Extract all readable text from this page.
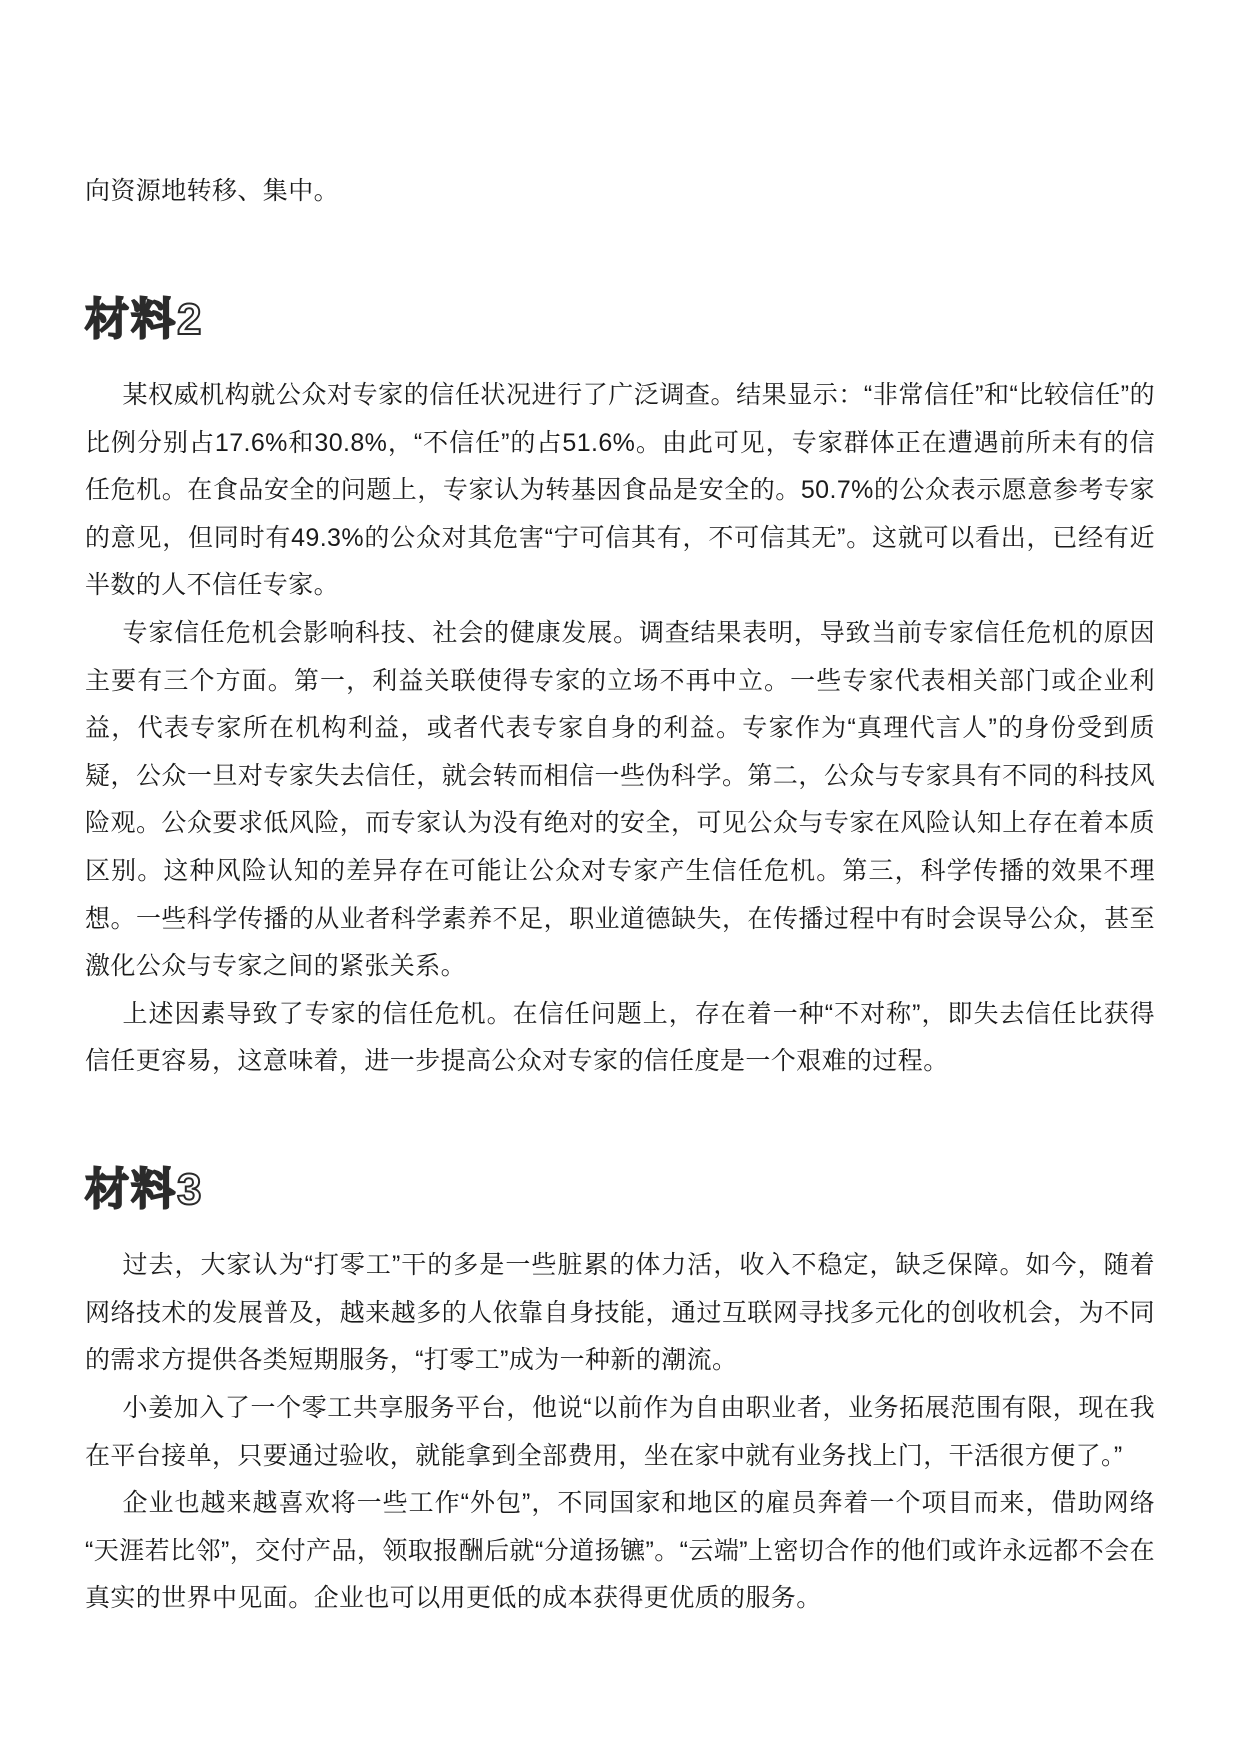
向资源地转移、集中。

材料2

某权威机构就公众对专家的信任状况进行了广泛调查。结果显示：“非常信任”和“比较信任”的比例分别占17.6%和30.8%，“不信任”的占51.6%。由此可见，专家群体正在遭遇前所未有的信任危机。在食品安全的问题上，专家认为转基因食品是安全的。50.7%的公众表示愿意参考专家的意见，但同时有49.3%的公众对其危害“宁可信其有，不可信其无”。这就可以看出，已经有近半数的人不信任专家。

专家信任危机会影响科技、社会的健康发展。调查结果表明，导致当前专家信任危机的原因主要有三个方面。第一，利益关联使得专家的立场不再中立。一些专家代表相关部门或企业利益，代表专家所在机构利益，或者代表专家自身的利益。专家作为“真理代言人”的身份受到质疑，公众一旦对专家失去信任，就会转而相信一些伪科学。第二，公众与专家具有不同的科技风险观。公众要求低风险，而专家认为没有绝对的安全，可见公众与专家在风险认知上存在着本质区别。这种风险认知的差异存在可能让公众对专家产生信任危机。第三，科学传播的效果不理想。一些科学传播的从业者科学素养不足，职业道德缺失，在传播过程中有时会误导公众，甚至激化公众与专家之间的紧张关系。

上述因素导致了专家的信任危机。在信任问题上，存在着一种“不对称”，即失去信任比获得信任更容易，这意味着，进一步提高公众对专家的信任度是一个艰难的过程。

材料3

过去，大家认为“打零工”干的多是一些脏累的体力活，收入不稳定，缺乏保障。如今，随着网络技术的发展普及，越来越多的人依靠自身技能，通过互联网寻找多元化的创收机会，为不同的需求方提供各类短期服务，“打零工”成为一种新的潮流。

小姜加入了一个零工共享服务平台，他说“以前作为自由职业者，业务拓展范围有限，现在我在平台接单，只要通过验收，就能拿到全部费用，坐在家中就有业务找上门，干活很方便了。”

企业也越来越喜欢将一些工作“外包”，不同国家和地区的雇员奔着一个项目而来，借助网络“天涯若比邻”，交付产品，领取报酬后就“分道扬镳”。“云端”上密切合作的他们或许永远都不会在真实的世界中见面。企业也可以用更低的成本获得更优质的服务。
